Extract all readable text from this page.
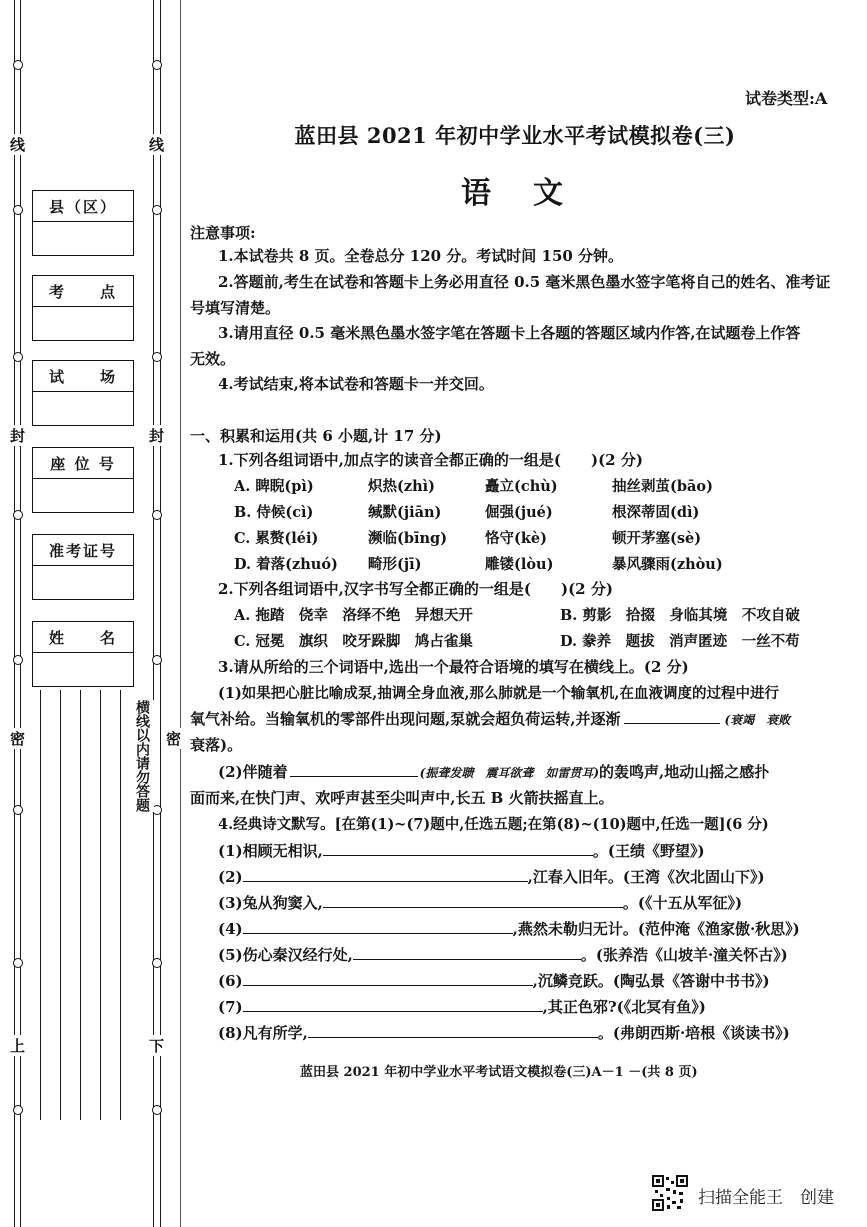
线
封
密
上
线
封
密
下
横线以内请勿答题
县（区）
考　　点
试　　场
座 位 号
准考证号
姓　　名
试卷类型:A
蓝田县 2021 年初中学业水平考试模拟卷(三)
语　文
注意事项:
1.本试卷共 8 页。全卷总分 120 分。考试时间 150 分钟。
2.答题前,考生在试卷和答题卡上务必用直径 0.5 毫米黑色墨水签字笔将自己的姓名、准考证
号填写清楚。
3.请用直径 0.5 毫米黑色墨水签字笔在答题卡上各题的答题区域内作答,在试题卷上作答
无效。
4.考试结束,将本试卷和答题卡一并交回。
一、积累和运用(共 6 小题,计 17 分)
1.下列各组词语中,加点字的读音全都正确的一组是(　　)(2 分)
A. 睥睨(pì)	炽热(zhì)	矗立(chù)	抽丝剥茧(bāo)
B. 侍候(cì)	缄默(jiān)	倔强(jué)	根深蒂固(dì)
C. 累赘(léi)	濒临(bīng)	恪守(kè)	顿开茅塞(sè)
D. 着落(zhuó) 畸形(jī)	雕镂(lòu)	暴风骤雨(zhòu)
2.下列各组词语中,汉字书写全都正确的一组是(　　)(2 分)
A. 拖踏　侥幸　洛绎不绝　异想天开	B. 剪影　拾掇　身临其境　不攻自破
C. 冠冕　旗织　咬牙跺脚　鸠占雀巢	D. 豢养　题拔　消声匿迹　一丝不苟
3.请从所给的三个词语中,选出一个最符合语境的填写在横线上。(2 分)
(1)如果把心脏比喻成泵,抽调全身血液,那么肺就是一个输氧机,在血液调度的过程中进行
氧气补给。当输氧机的零部件出现问题,泵就会超负荷运转,并逐渐	(衰竭　衰败
衰落)。
(2)伴随着	(振聋发聩　震耳欲聋　如雷贯耳)的轰鸣声,地动山摇之感扑
面而来,在快门声、欢呼声甚至尖叫声中,长五 B 火箭扶摇直上。
4.经典诗文默写。[在第(1)~(7)题中,任选五题;在第(8)~(10)题中,任选一题](6 分)
(1)相顾无相识,	。(王绩《野望》)
(2)	,江春入旧年。(王湾《次北固山下》)
(3)兔从狗窦入,	。(《十五从军征》)
(4)	,燕然未勒归无计。(范仲淹《渔家傲·秋思》)
(5)伤心秦汉经行处,	。(张养浩《山坡羊·潼关怀古》)
(6)	,沉鳞竞跃。(陶弘景《答谢中书书》)
(7)	,其正色邪?(《北冥有鱼》)
(8)凡有所学,	。(弗朗西斯·培根《谈读书》)
蓝田县 2021 年初中学业水平考试语文模拟卷(三)A－1 －(共 8 页)
扫描全能王　创建
